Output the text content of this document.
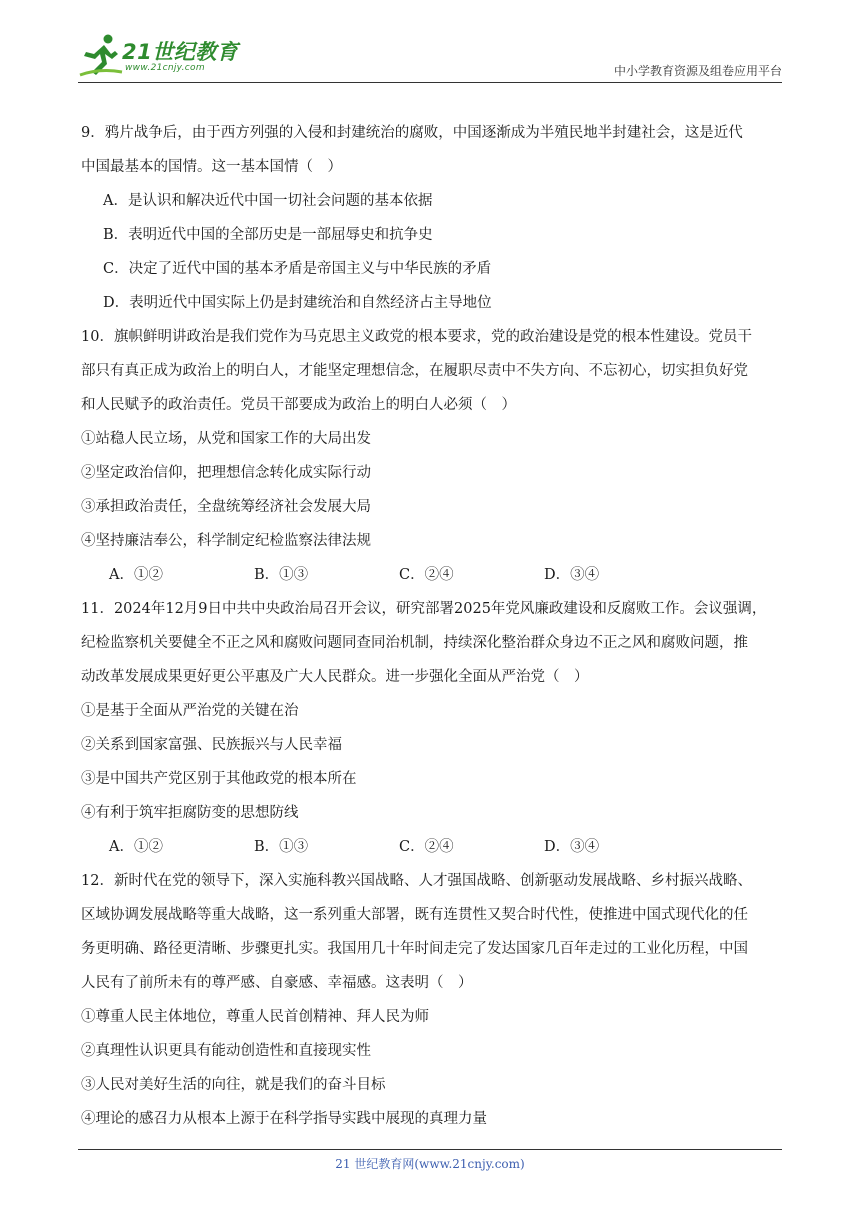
21世纪教育
www.21cnjy.com	中小学教育资源及组卷应用平台
9．鸦片战争后，由于西方列强的入侵和封建统治的腐败，中国逐渐成为半殖民地半封建社会，这是近代
中国最基本的国情。这一基本国情（　）
A．是认识和解决近代中国一切社会问题的基本依据
B．表明近代中国的全部历史是一部屈辱史和抗争史
C．决定了近代中国的基本矛盾是帝国主义与中华民族的矛盾
D．表明近代中国实际上仍是封建统治和自然经济占主导地位
10．旗帜鲜明讲政治是我们党作为马克思主义政党的根本要求，党的政治建设是党的根本性建设。党员干
部只有真正成为政治上的明白人，才能坚定理想信念，在履职尽责中不失方向、不忘初心，切实担负好党
和人民赋予的政治责任。党员干部要成为政治上的明白人必须（　）
①站稳人民立场，从党和国家工作的大局出发
②坚定政治信仰，把理想信念转化成实际行动
③承担政治责任，全盘统筹经济社会发展大局
④坚持廉洁奉公，科学制定纪检监察法律法规
A．①②	B．①③	C．②④	D．③④
11．2024年12月9日中共中央政治局召开会议，研究部署2025年党风廉政建设和反腐败工作。会议强调，
纪检监察机关要健全不正之风和腐败问题同查同治机制，持续深化整治群众身边不正之风和腐败问题，推
动改革发展成果更好更公平惠及广大人民群众。进一步强化全面从严治党（　）
①是基于全面从严治党的关键在治
②关系到国家富强、民族振兴与人民幸福
③是中国共产党区别于其他政党的根本所在
④有利于筑牢拒腐防变的思想防线
A．①②	B．①③	C．②④	D．③④
12．新时代在党的领导下，深入实施科教兴国战略、人才强国战略、创新驱动发展战略、乡村振兴战略、
区域协调发展战略等重大战略，这一系列重大部署，既有连贯性又契合时代性，使推进中国式现代化的任
务更明确、路径更清晰、步骤更扎实。我国用几十年时间走完了发达国家几百年走过的工业化历程，中国
人民有了前所未有的尊严感、自豪感、幸福感。这表明（　）
①尊重人民主体地位，尊重人民首创精神、拜人民为师
②真理性认识更具有能动创造性和直接现实性
③人民对美好生活的向往，就是我们的奋斗目标
④理论的感召力从根本上源于在科学指导实践中展现的真理力量
21 世纪教育网(www.21cnjy.com)
